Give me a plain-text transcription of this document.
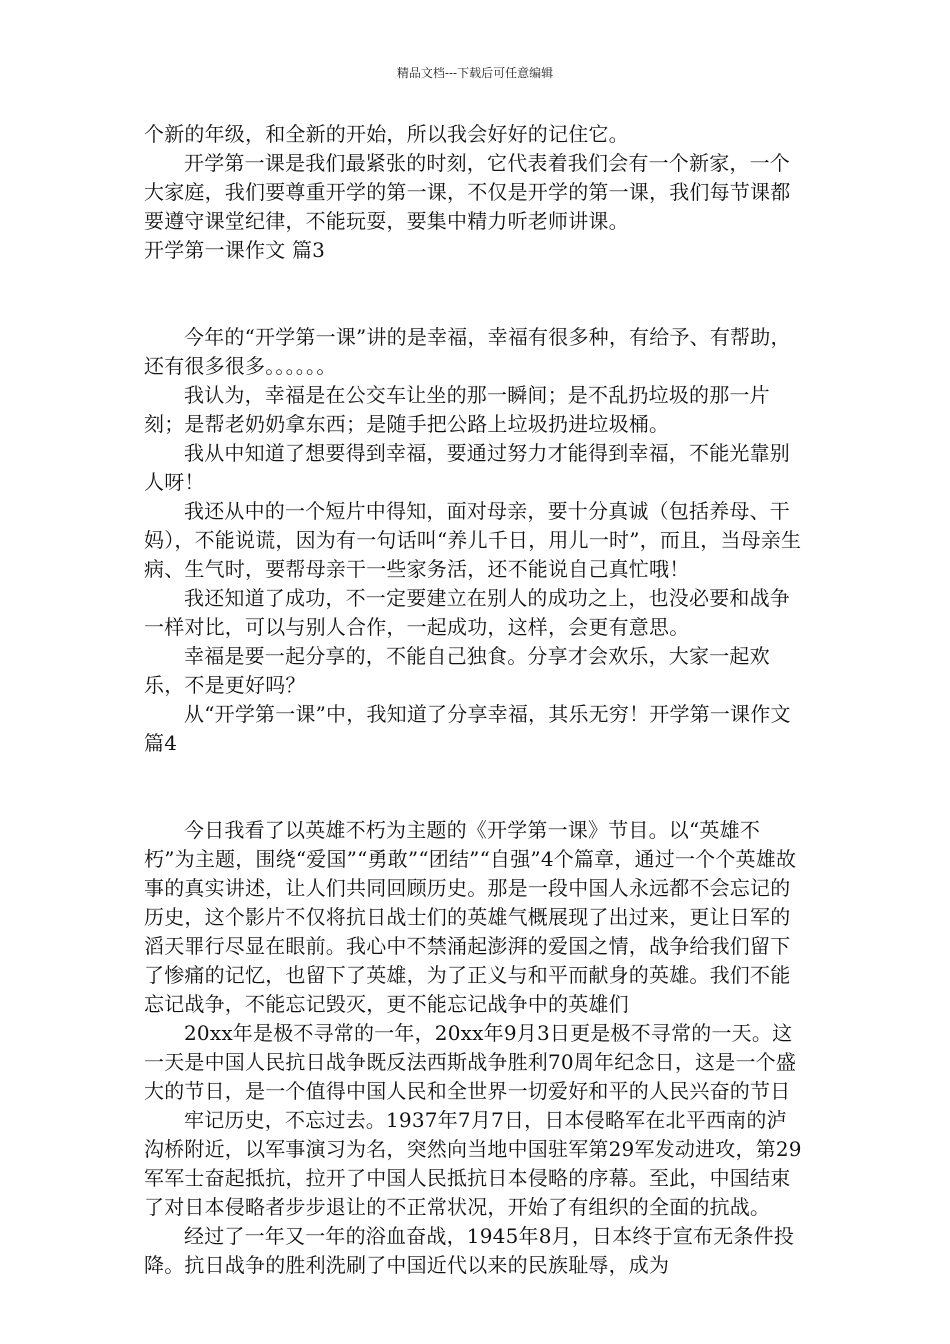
精品文档---下载后可任意编辑

个新的年级，和全新的开始，所以我会好好的记住它。

开学第一课是我们最紧张的时刻，它代表着我们会有一个新家，一个大家庭，我们要尊重开学的第一课，不仅是开学的第一课，我们每节课都要遵守课堂纪律，不能玩耍，要集中精力听老师讲课。

开学第一课作文 篇3

今年的“开学第一课”讲的是幸福，幸福有很多种，有给予、有帮助，还有很多很多。。。。。。

我认为，幸福是在公交车让坐的那一瞬间；是不乱扔垃圾的那一片刻；是帮老奶奶拿东西；是随手把公路上垃圾扔进垃圾桶。

我从中知道了想要得到幸福，要通过努力才能得到幸福，不能光靠别人呀！

我还从中的一个短片中得知，面对母亲，要十分真诚（包括养母、干妈），不能说谎，因为有一句话叫“养儿千日，用儿一时”，而且，当母亲生病、生气时，要帮母亲干一些家务活，还不能说自己真忙哦！

我还知道了成功，不一定要建立在别人的成功之上，也没必要和战争一样对比，可以与别人合作，一起成功，这样，会更有意思。

幸福是要一起分享的，不能自己独食。分享才会欢乐，大家一起欢乐，不是更好吗？

从“开学第一课”中，我知道了分享幸福，其乐无穷！开学第一课作文 篇4

今日我看了以英雄不朽为主题的《开学第一课》节目。以“英雄不朽”为主题，围绕“爱国”“勇敢”“团结”“自强”4个篇章，通过一个个英雄故事的真实讲述，让人们共同回顾历史。那是一段中国人永远都不会忘记的历史，这个影片不仅将抗日战士们的英雄气概展现了出过来，更让日军的滔天罪行尽显在眼前。我心中不禁涌起澎湃的爱国之情，战争给我们留下了惨痛的记忆，也留下了英雄，为了正义与和平而献身的英雄。我们不能忘记战争，不能忘记毁灭，更不能忘记战争中的英雄们

20xx年是极不寻常的一年，20xx年9月3日更是极不寻常的一天。这一天是中国人民抗日战争既反法西斯战争胜利70周年纪念日，这是一个盛大的节日，是一个值得中国人民和全世界一切爱好和平的人民兴奋的节日

牢记历史，不忘过去。1937年7月7日，日本侵略军在北平西南的泸沟桥附近，以军事演习为名，突然向当地中国驻军第29军发动进攻，第29军军士奋起抵抗，拉开了中国人民抵抗日本侵略的序幕。至此，中国结束了对日本侵略者步步退让的不正常状况，开始了有组织的全面的抗战。

经过了一年又一年的浴血奋战，1945年8月，日本终于宣布无条件投降。抗日战争的胜利洗刷了中国近代以来的民族耻辱，成为
